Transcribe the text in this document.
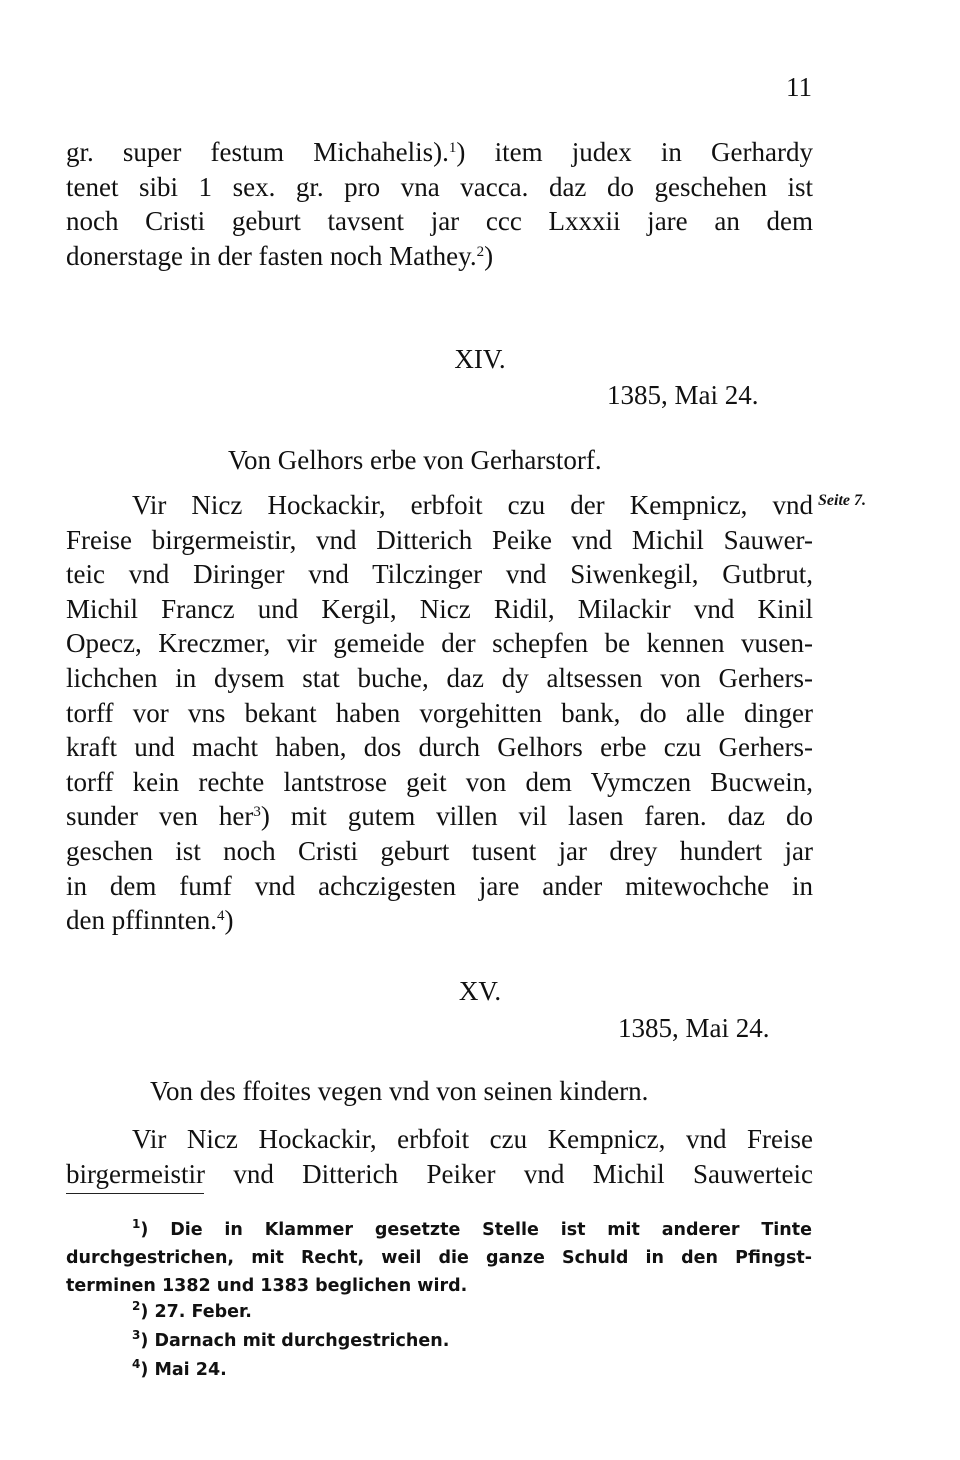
11
gr. super festum Michahelis).$^1$) item judex in Gerhardy
tenet sibi 1 sex. gr. pro vna vacca. daz do geschehen ist
noch Cristi geburt tavsent jar ccc Lxxxii jare an dem
donerstage in der fasten noch Mathey.$^2$)
XIV.
1385, Mai 24.
Von Gelhors erbe von Gerharstorf.
Seite 7.
Vir Nicz Hockackir, erbfoit czu der Kempnicz, vnd
Freise birgermeistir, vnd Ditterich Peike vnd Michil Sauwer-
teic vnd Diringer vnd Tilczinger vnd Siwenkegil, Gutbrut,
Michil Francz und Kergil, Nicz Ridil, Milackir vnd Kinil
Opecz, Kreczmer, vir gemeide der schepfen be kennen vusen-
lichchen in dysem stat buche, daz dy altsessen von Gerhers-
torff vor vns bekant haben vorgehitten bank, do alle dinger
kraft und macht haben, dos durch Gelhors erbe czu Gerhers-
torff kein rechte lantstrose geit von dem Vymczen Bucwein,
sunder ven her$^3$) mit gutem villen vil lasen faren. daz do
geschen ist noch Cristi geburt tusent jar drey hundert jar
in dem fumf vnd achczigesten jare ander mitewochche in
den pffinnten.$^4$)
XV.
1385, Mai 24.
Von des ffoites vegen vnd von seinen kindern.
Vir Nicz Hockackir, erbfoit czu Kempnicz, vnd Freise
birgermeistir vnd Ditterich Peiker vnd Michil Sauwerteic
$^1$) Die in Klammer gesetzte Stelle ist mit anderer Tinte
durchgestrichen, mit Recht, weil die ganze Schuld in den Pfingst-
terminen 1382 und 1383 beglichen wird.
$^2$) 27. Feber.
$^3$) Darnach mit durchgestrichen.
$^4$) Mai 24.
